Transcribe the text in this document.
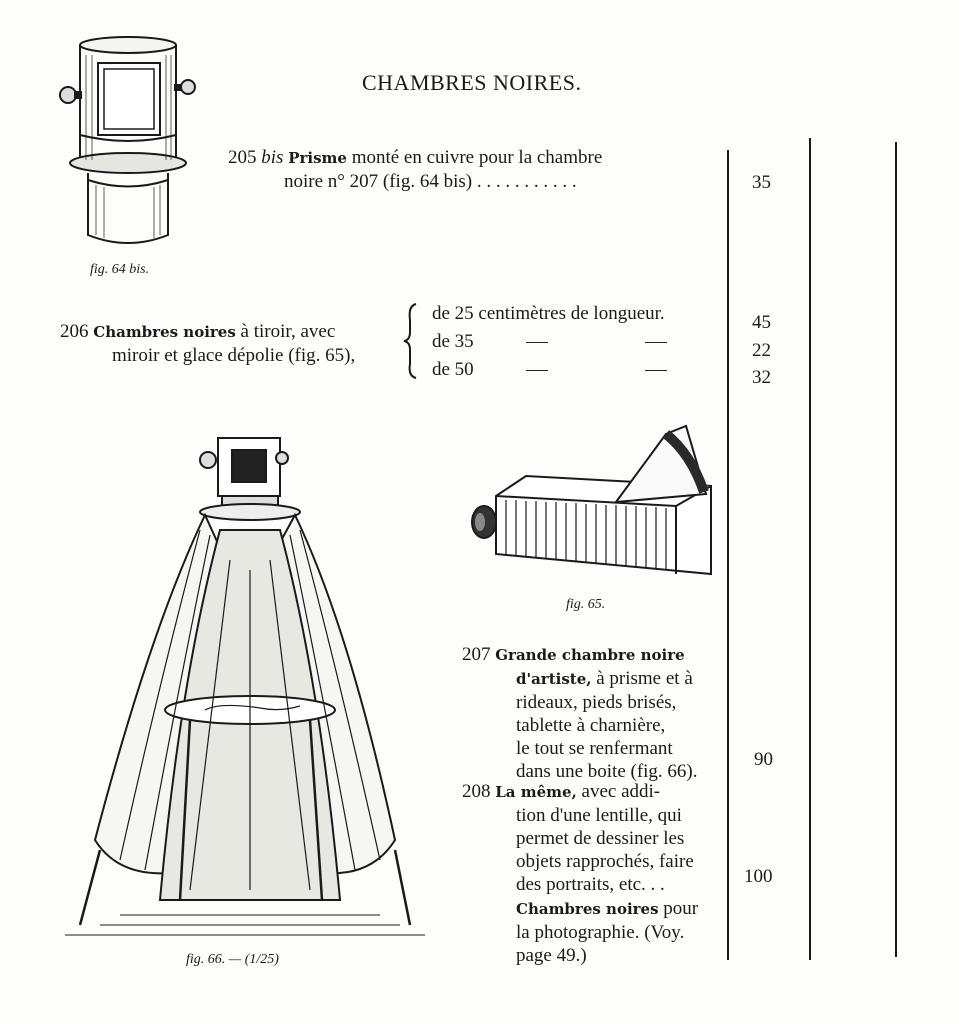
CHAMBRES NOIRES.
205 bis Prisme monté en cuivre pour la chambre
noire n° 207 (fig. 64 bis) . . . . . . . . . . .	35
206 Chambres noires à tiroir, avec
miroir et glace dépolie (fig. 65),
de 25 centimètres de longueur.
de 35
de 50
45
22
32
207 Grande chambre noire
d'artiste, à prisme et à
rideaux, pieds brisés,
tablette à charnière,
le tout se renfermant
dans une boite (fig. 66).
90
208 La même, avec addi-
tion d'une lentille, qui
permet de dessiner les
objets rapprochés, faire
des portraits, etc. . .	100
Chambres noires pour
la photographie. (Voy.
page 49.)
fig. 64 bis.
fig. 65.
fig. 66. — (1/25)
